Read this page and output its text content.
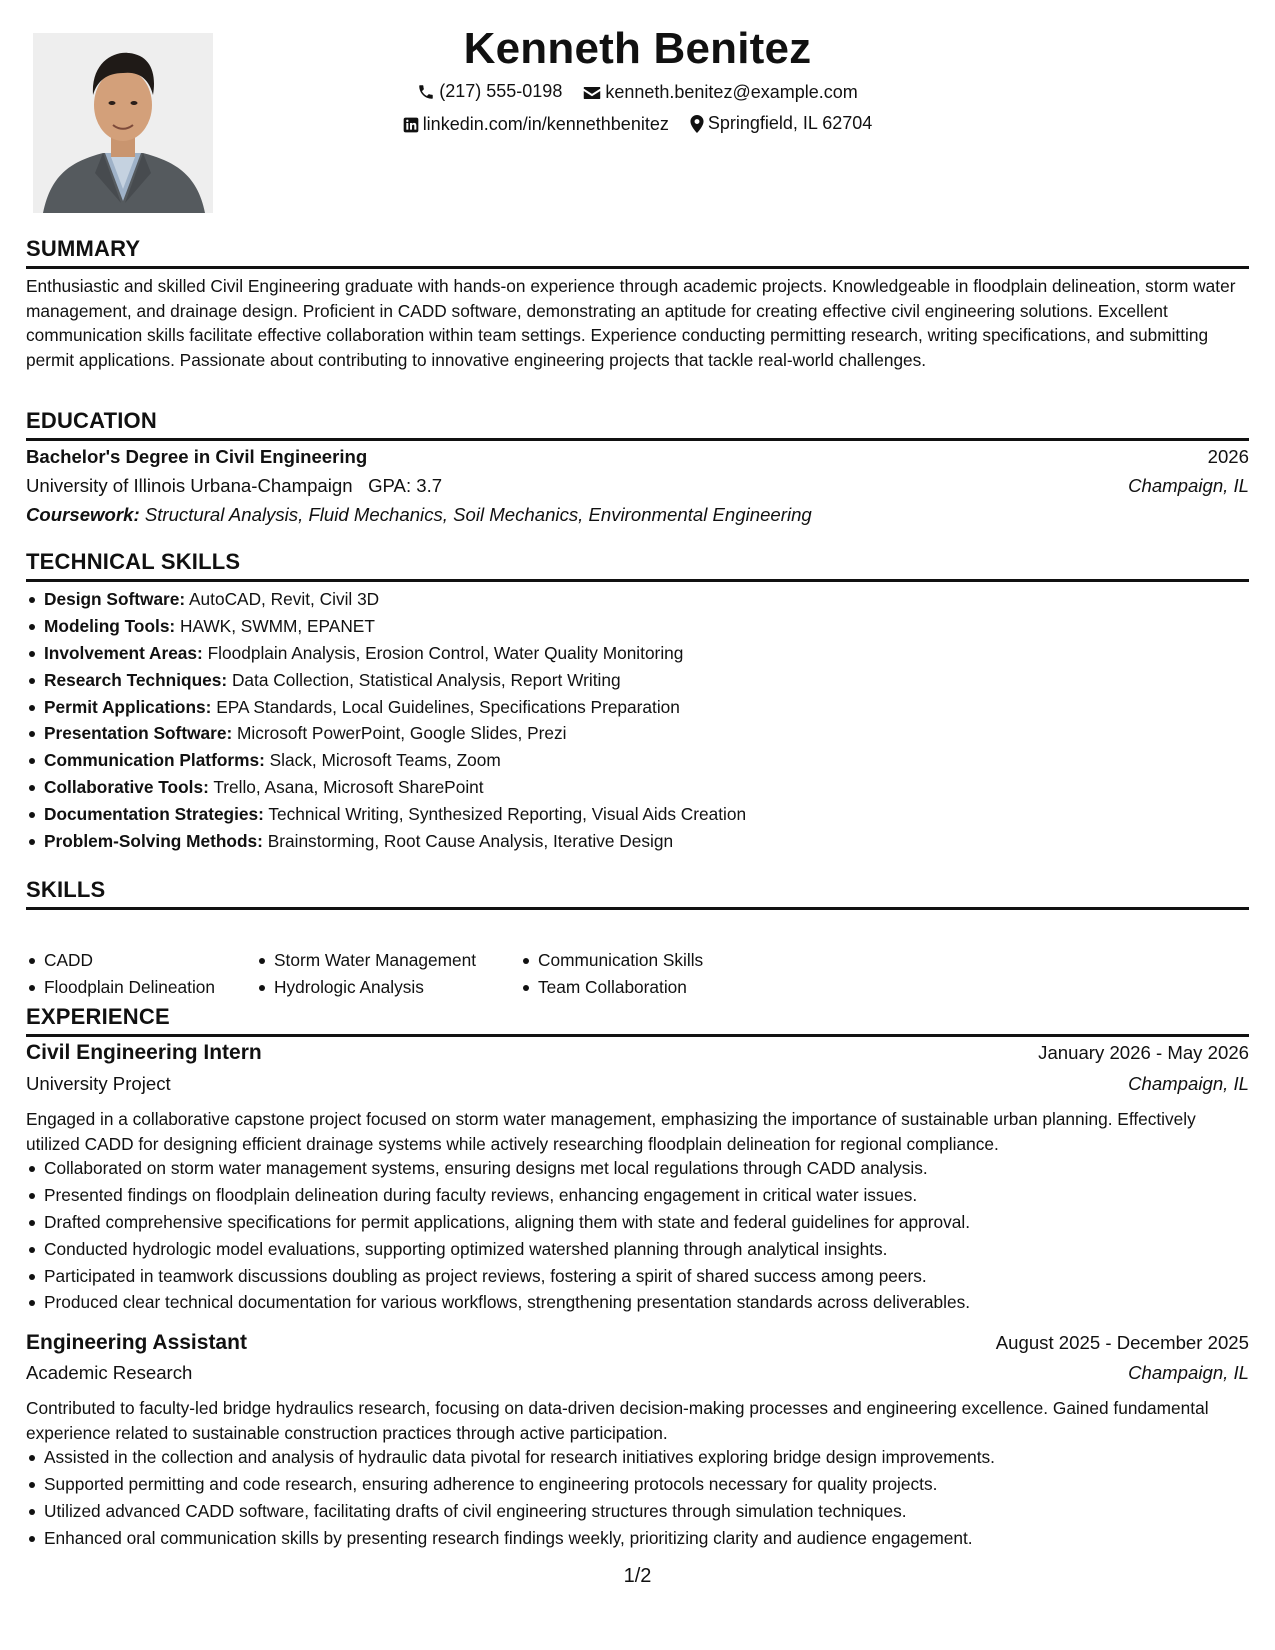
Kenneth Benitez
(217) 555-0198
kenneth.benitez@example.com
linkedin.com/in/kennethbenitez
Springfield, IL 62704
SUMMARY
Enthusiastic and skilled Civil Engineering graduate with hands-on experience through academic projects. Knowledgeable in floodplain delineation, storm water management, and drainage design. Proficient in CADD software, demonstrating an aptitude for creating effective civil engineering solutions. Excellent communication skills facilitate effective collaboration within team settings. Experience conducting permitting research, writing specifications, and submitting permit applications. Passionate about contributing to innovative engineering projects that tackle real-world challenges.
EDUCATION
Bachelor's Degree in Civil Engineering	2026
University of Illinois Urbana-Champaign GPA: 3.7	Champaign, IL
Coursework: Structural Analysis, Fluid Mechanics, Soil Mechanics, Environmental Engineering
TECHNICAL SKILLS
Design Software: AutoCAD, Revit, Civil 3D
Modeling Tools: HAWK, SWMM, EPANET
Involvement Areas: Floodplain Analysis, Erosion Control, Water Quality Monitoring
Research Techniques: Data Collection, Statistical Analysis, Report Writing
Permit Applications: EPA Standards, Local Guidelines, Specifications Preparation
Presentation Software: Microsoft PowerPoint, Google Slides, Prezi
Communication Platforms: Slack, Microsoft Teams, Zoom
Collaborative Tools: Trello, Asana, Microsoft SharePoint
Documentation Strategies: Technical Writing, Synthesized Reporting, Visual Aids Creation
Problem-Solving Methods: Brainstorming, Root Cause Analysis, Iterative Design
SKILLS
CADD
Floodplain Delineation
Storm Water Management
Hydrologic Analysis
Communication Skills
Team Collaboration
EXPERIENCE
Civil Engineering Intern	January 2026 - May 2026
University Project	Champaign, IL
Engaged in a collaborative capstone project focused on storm water management, emphasizing the importance of sustainable urban planning. Effectively utilized CADD for designing efficient drainage systems while actively researching floodplain delineation for regional compliance.
Collaborated on storm water management systems, ensuring designs met local regulations through CADD analysis.
Presented findings on floodplain delineation during faculty reviews, enhancing engagement in critical water issues.
Drafted comprehensive specifications for permit applications, aligning them with state and federal guidelines for approval.
Conducted hydrologic model evaluations, supporting optimized watershed planning through analytical insights.
Participated in teamwork discussions doubling as project reviews, fostering a spirit of shared success among peers.
Produced clear technical documentation for various workflows, strengthening presentation standards across deliverables.
Engineering Assistant	August 2025 - December 2025
Academic Research	Champaign, IL
Contributed to faculty-led bridge hydraulics research, focusing on data-driven decision-making processes and engineering excellence. Gained fundamental experience related to sustainable construction practices through active participation.
Assisted in the collection and analysis of hydraulic data pivotal for research initiatives exploring bridge design improvements.
Supported permitting and code research, ensuring adherence to engineering protocols necessary for quality projects.
Utilized advanced CADD software, facilitating drafts of civil engineering structures through simulation techniques.
Enhanced oral communication skills by presenting research findings weekly, prioritizing clarity and audience engagement.
1/2
